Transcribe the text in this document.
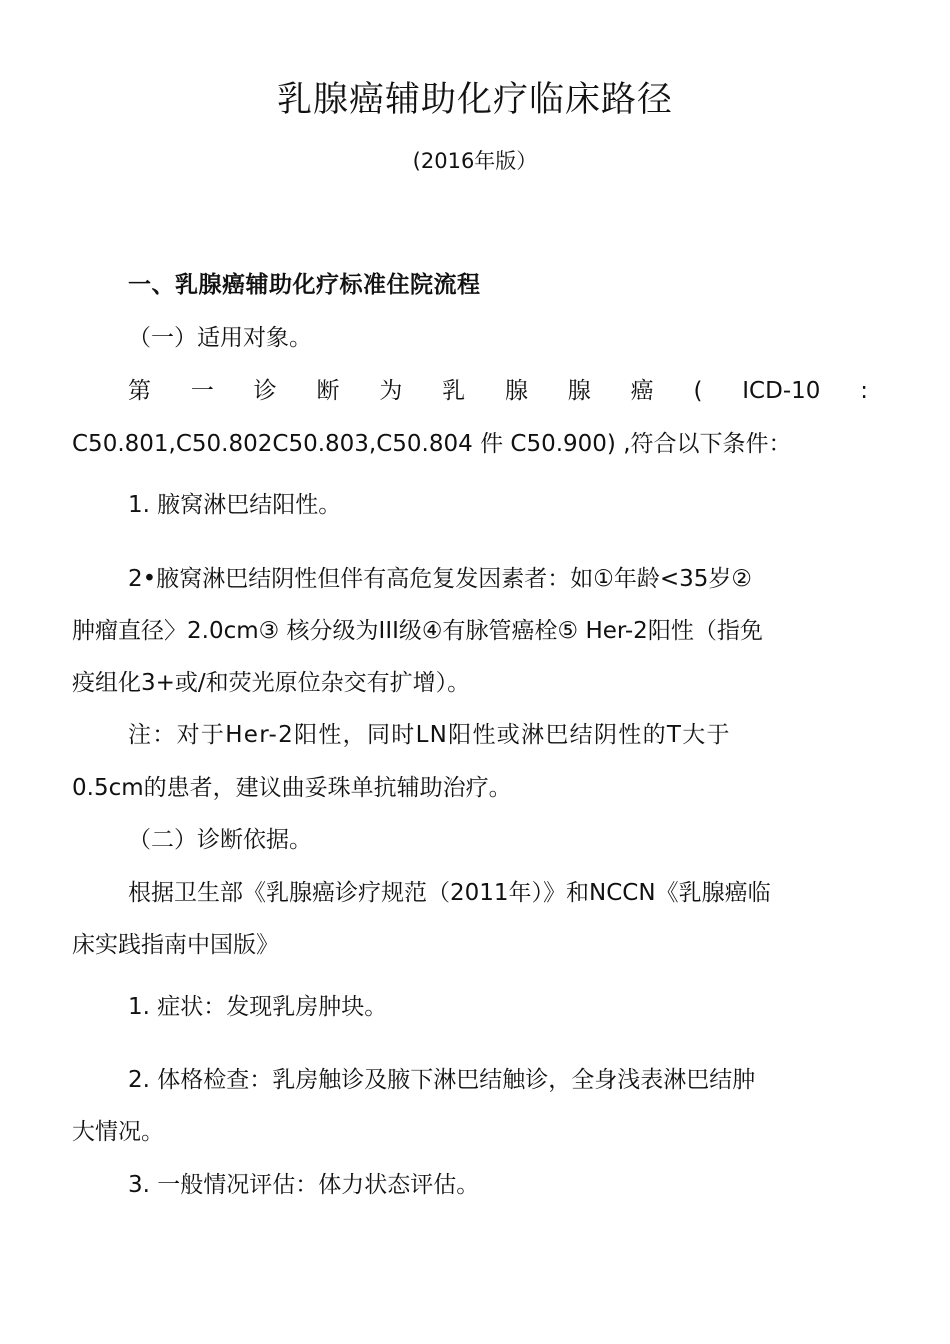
乳腺癌辅助化疗临床路径
(2016年版）
一、乳腺癌辅助化疗标准住院流程
（一）适用对象。
第 一 诊 断 为 乳 腺 腺 癌 ( ICD-10 :
C50.801,C50.802C50.803,C50.804 件 C50.900) ,符合以下条件：
1. 腋窝淋巴结阳性。
2•腋窝淋巴结阴性但伴有高危复发因素者：如①年龄<35岁②
肿瘤直径〉2.0cm③ 核分级为III级④有脉管癌栓⑤ Her-2阳性（指免
疫组化3+或/和荧光原位杂交有扩增）。
注：对于Her-2阳性，同时LN阳性或淋巴结阴性的T大于
0.5cm的患者，建议曲妥珠单抗辅助治疗。
（二）诊断依据。
根据卫生部《乳腺癌诊疗规范（2011年）》和NCCN《乳腺癌临
床实践指南中国版》
1. 症状：发现乳房肿块。
2. 体格检查：乳房触诊及腋下淋巴结触诊，全身浅表淋巴结肿
大情况。
3. 一般情况评估：体力状态评估。
